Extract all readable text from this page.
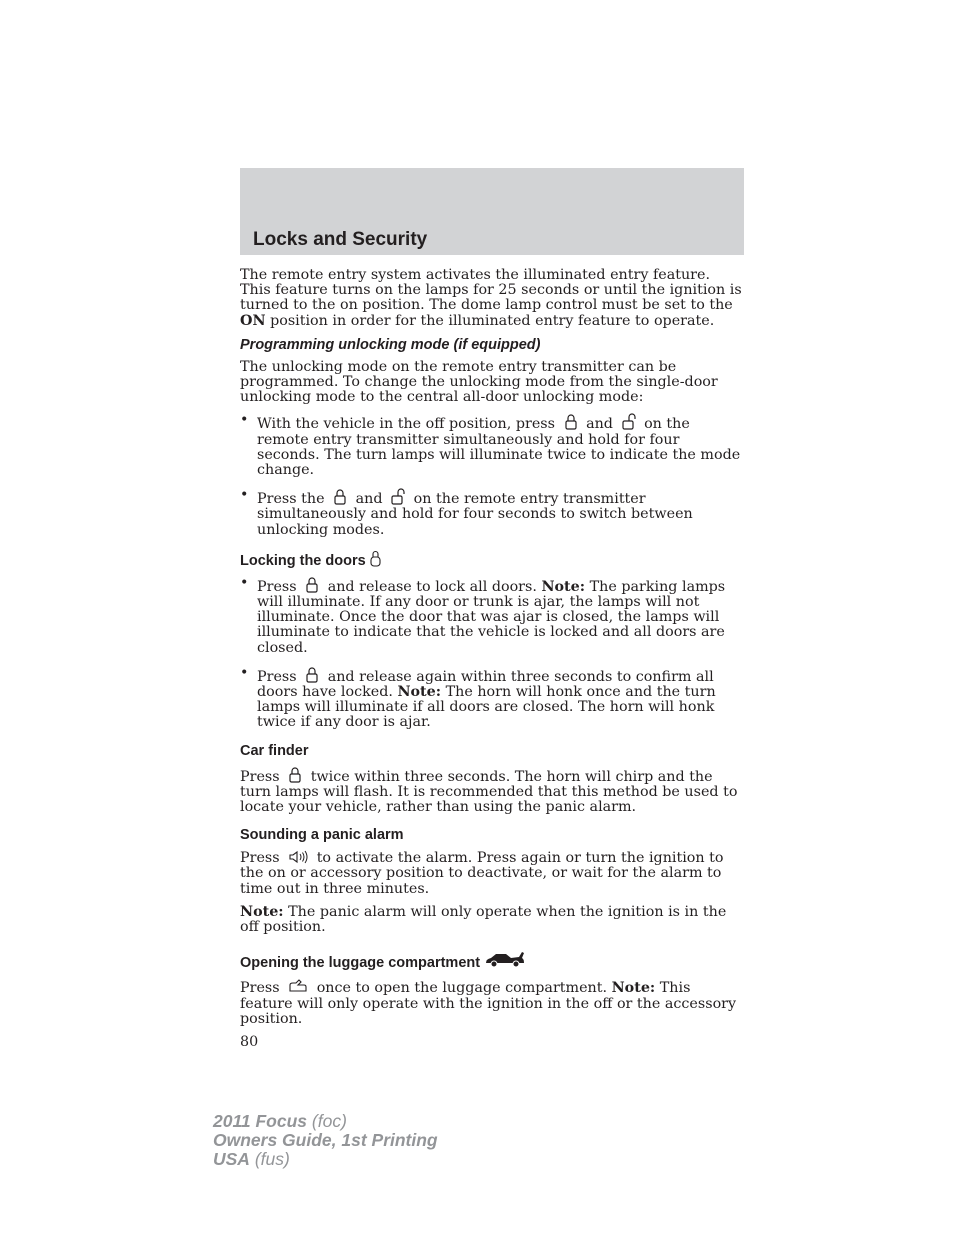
Locks and Security

The remote entry system activates the illuminated entry feature. This feature turns on the lamps for 25 seconds or until the ignition is turned to the on position. The dome lamp control must be set to the ON position in order for the illuminated entry feature to operate.

Programming unlocking mode (if equipped)

The unlocking mode on the remote entry transmitter can be programmed. To change the unlocking mode from the single-door unlocking mode to the central all-door unlocking mode:

• With the vehicle in the off position, press and on the remote entry transmitter simultaneously and hold for four seconds. The turn lamps will illuminate twice to indicate the mode change.
• Press the and on the remote entry transmitter simultaneously and hold for four seconds to switch between unlocking modes.
Locking the doors
• Press and release to lock all doors. Note: The parking lamps will illuminate. If any door or trunk is ajar, the lamps will not illuminate. Once the door that was ajar is closed, the lamps will illuminate to indicate that the vehicle is locked and all doors are closed.
• Press and release again within three seconds to confirm all doors have locked. Note: The horn will honk once and the turn lamps will illuminate if all doors are closed. The horn will honk twice if any door is ajar.
Car finder

Press twice within three seconds. The horn will chirp and the turn lamps will flash. It is recommended that this method be used to locate your vehicle, rather than using the panic alarm.

Sounding a panic alarm

Press	to activate the alarm. Press again or turn the ignition to the on or accessory position to deactivate, or wait for the alarm to time out in three minutes.

Note: The panic alarm will only operate when the ignition is in the off position.

Opening the luggage compartment

Press	once to open the luggage compartment. Note: This feature will only operate with the ignition in the off or the accessory position.

80
2011 Focus (foc)
Owners Guide, 1st Printing
USA (fus)
